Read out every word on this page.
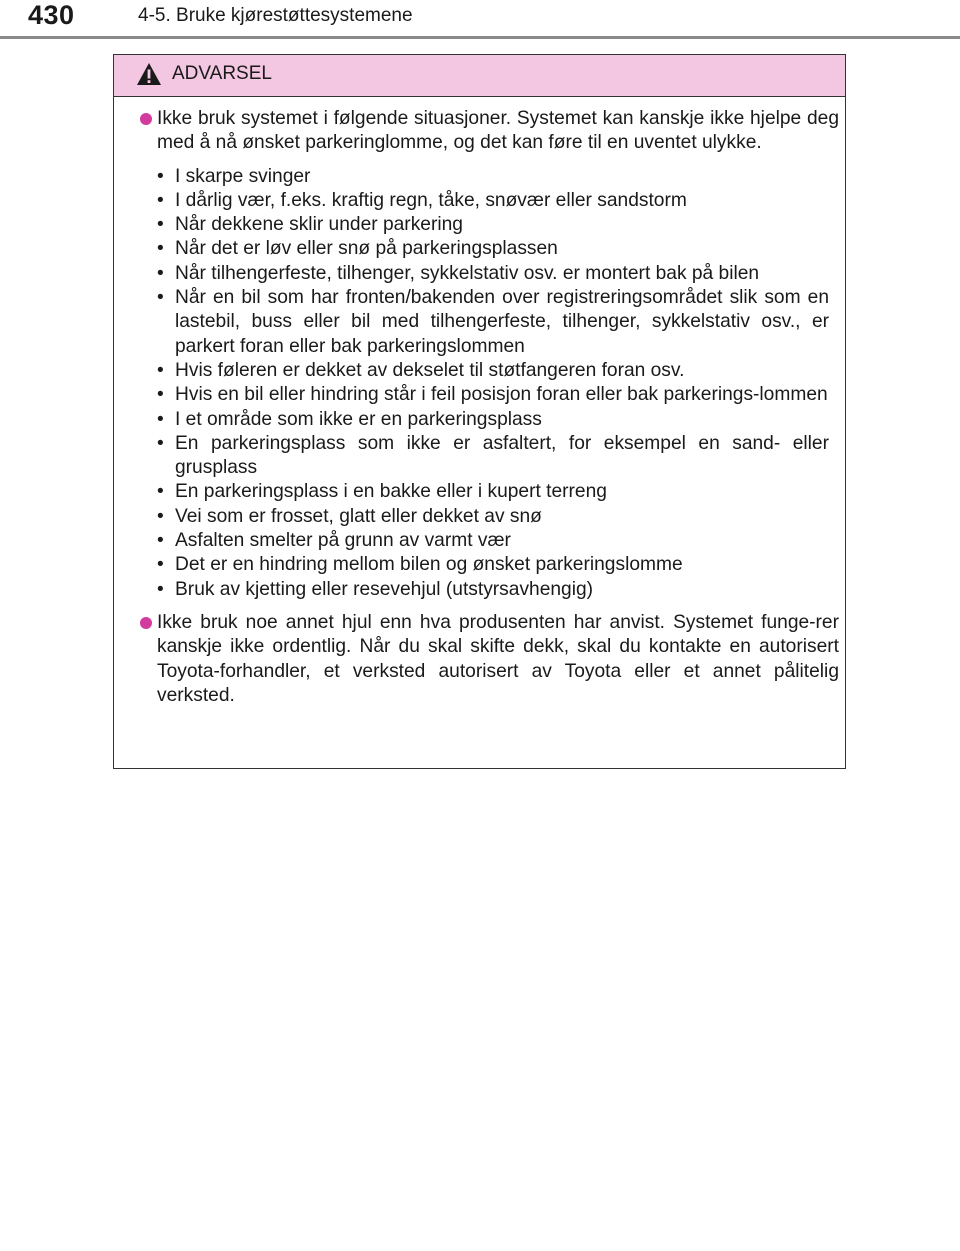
430	4-5. Bruke kjørestøttesystemene
ADVARSEL
Ikke bruk systemet i følgende situasjoner. Systemet kan kanskje ikke hjelpe deg med å nå ønsket parkeringlomme, og det kan føre til en uventet ulykke.
• I skarpe svinger
• I dårlig vær, f.eks. kraftig regn, tåke, snøvær eller sandstorm
• Når dekkene sklir under parkering
• Når det er løv eller snø på parkeringsplassen
• Når tilhengerfeste, tilhenger, sykkelstativ osv. er montert bak på bilen
• Når en bil som har fronten/bakenden over registreringsområdet slik som en lastebil, buss eller bil med tilhengerfeste, tilhenger, sykkelstativ osv., er parkert foran eller bak parkeringslommen
• Hvis føleren er dekket av dekselet til støtfangeren foran osv.
• Hvis en bil eller hindring står i feil posisjon foran eller bak parkerings-lommen
• I et område som ikke er en parkeringsplass
• En parkeringsplass som ikke er asfaltert, for eksempel en sand- eller grusplass
• En parkeringsplass i en bakke eller i kupert terreng
• Vei som er frosset, glatt eller dekket av snø
• Asfalten smelter på grunn av varmt vær
• Det er en hindring mellom bilen og ønsket parkeringslomme
• Bruk av kjetting eller resevehjul (utstyrsavhengig)
Ikke bruk noe annet hjul enn hva produsenten har anvist. Systemet funge-rer kanskje ikke ordentlig. Når du skal skifte dekk, skal du kontakte en autorisert Toyota-forhandler, et verksted autorisert av Toyota eller et annet pålitelig verksted.
